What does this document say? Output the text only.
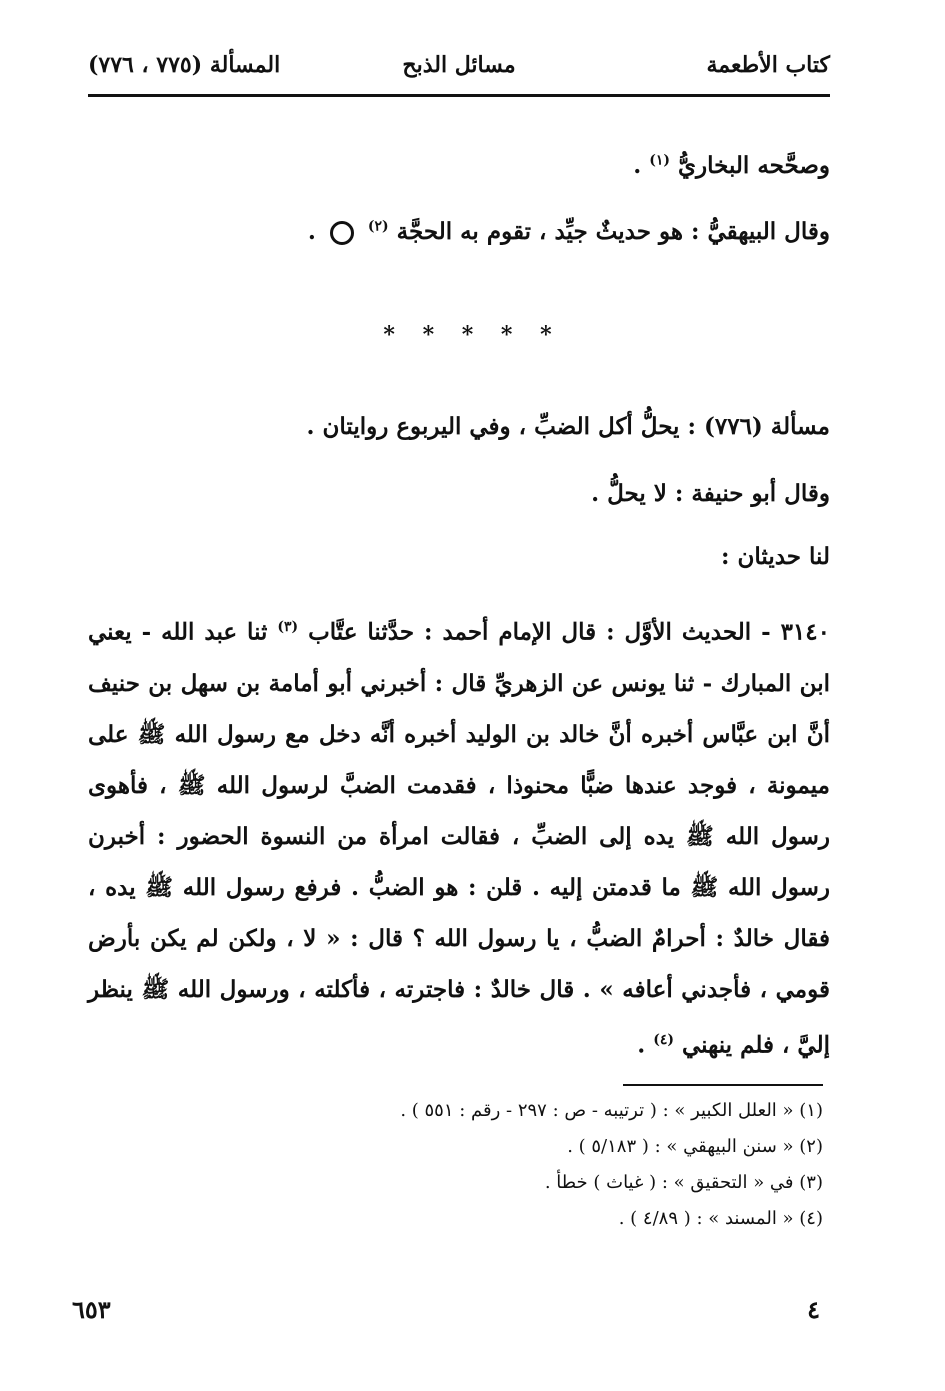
كتاب الأطعمة
مسائل الذبح
المسألة (٧٧٥ ، ٧٧٦)
وصحَّحه البخاريُّ $^{(١)}$ .
وقال البيهقيُّ : هو حديثٌ جيِّد ، تقوم به الحجَّة $^{(٢)}$  .
* * * * *
مسألة (٧٧٦) : يحلُّ أكل الضبِّ ، وفي اليربوع روايتان .
وقال أبو حنيفة : لا يحلُّ .
لنا حديثان :

٣١٤٠ - الحديث الأوَّل : قال الإمام أحمد : حدَّثنا عتَّاب $^{(٣)}$ ثنا عبد الله - يعني ابن المبارك - ثنا يونس عن الزهريِّ قال : أخبرني أبو أمامة بن سهل بن حنيف أنَّ ابن عبَّاس أخبره أنَّ خالد بن الوليد أخبره أنَّه دخل مع رسول الله ﷺ على ميمونة ، فوجد عندها ضبًّا محنوذا ، فقدمت الضبَّ لرسول الله ﷺ ، فأهوى رسول الله ﷺ يده إلى الضبِّ ، فقالت امرأة من النسوة الحضور : أخبرن رسول الله ﷺ ما قدمتن إليه . قلن : هو الضبُّ . فرفع رسول الله ﷺ يده ، فقال خالدٌ : أحرامٌ الضبُّ ، يا رسول الله ؟ قال : « لا ، ولكن لم يكن بأرض قومي ، فأجدني أعافه » . قال خالدٌ : فاجترته ، فأكلته ، ورسول الله ﷺ ينظر إليَّ ، فلم ينهني $^{(٤)}$ .

(١) « العلل الكبير » : ( ترتيبه - ص : ٢٩٧ - رقم : ٥٥١ ) .
(٢) « سنن البيهقي » : ( ٥/١٨٣ ) .
(٣) في « التحقيق » : ( غياث ) خطأ .
(٤) « المسند » : ( ٤/٨٩ ) .
٦٥٣	٤
